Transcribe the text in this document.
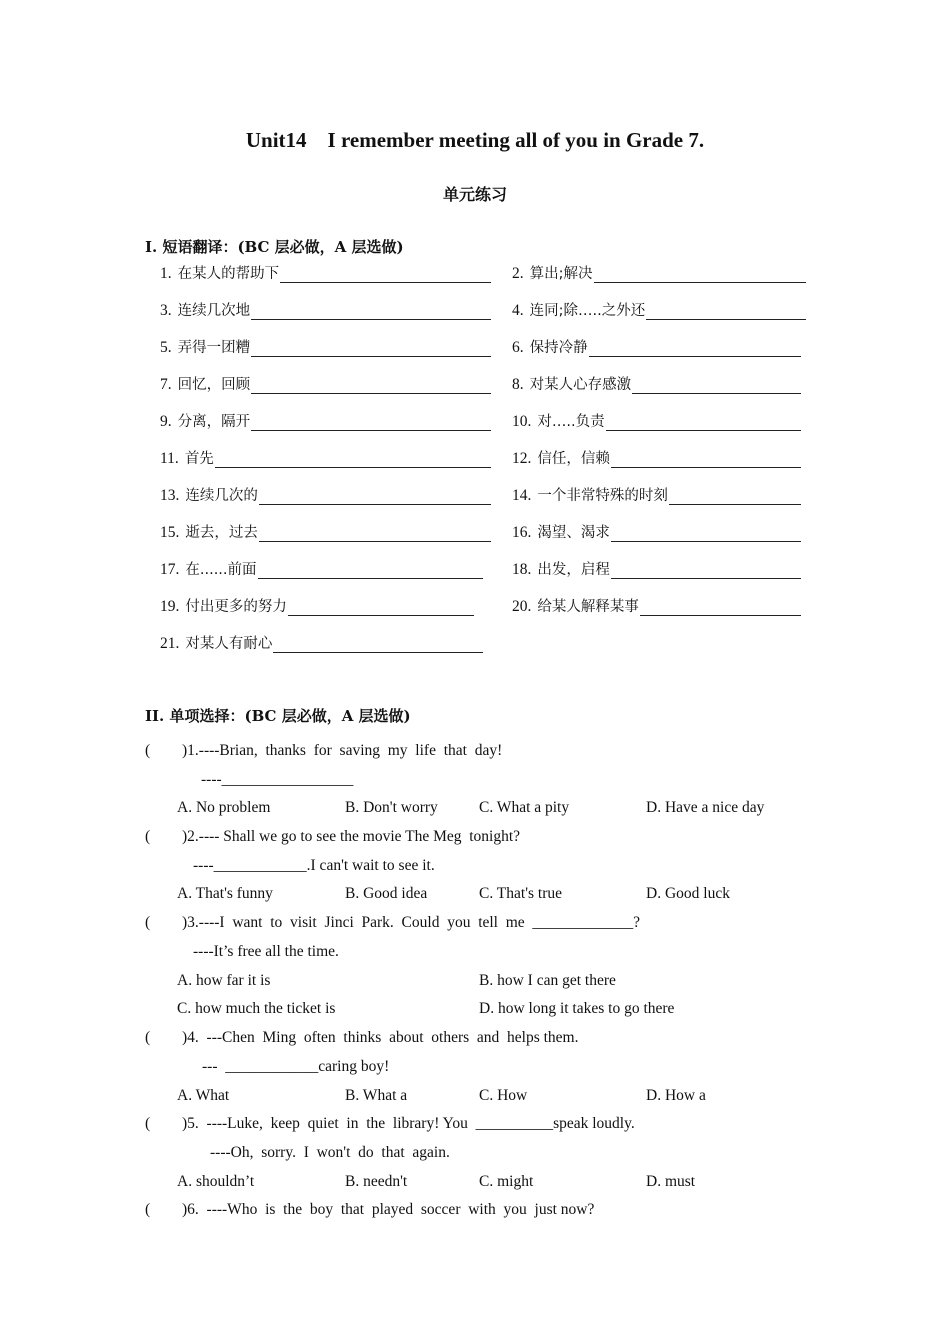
Unit14    I remember meeting all of you in Grade 7.
单元练习
I. 短语翻译：(BC 层必做，A 层选做)
1. 在某人的帮助下	2. 算出;解决
3. 连续几次地	4. 连同;除…..之外还
5. 弄得一团糟	6. 保持冷静
7. 回忆，回顾	8. 对某人心存感激
9. 分离，隔开	10. 对…..负责
11. 首先	12. 信任，信赖
13. 连续几次的	14. 一个非常特殊的时刻
15. 逝去，过去	16. 渴望、渴求
17. 在......前面	18. 出发，启程
19. 付出更多的努力	20. 给某人解释某事
21. 对某人有耐心
II. 单项选择：(BC 层必做，A 层选做)
( )1.----Brian,  thanks  for  saving  my  life  that  day!
----_________________
A. No problem	B. Don't worry	C. What a pity	D. Have a nice day
( )2.---- Shall we go to see the movie The Meg  tonight?
----____________.I can't wait to see it.
A. That's funny	B. Good idea	C. That's true	D. Good luck
( )3.----I  want  to  visit  Jinci  Park.  Could  you  tell  me  _____________?
----It’s free all the time.
A. how far it is	B. how I can get there
C. how much the ticket is	D. how long it takes to go there
( )4.  ---Chen  Ming  often  thinks  about  others  and  helps them.
---  ____________caring boy!
A. What	B. What a	C. How	D. How a
( )5.  ----Luke,  keep  quiet  in  the  library! You  __________speak loudly.
----Oh,  sorry.  I  won't  do  that  again.
A. shouldn’t	B. needn't	C. might	D. must
( )6.  ----Who  is  the  boy  that  played  soccer  with  you  just now?
